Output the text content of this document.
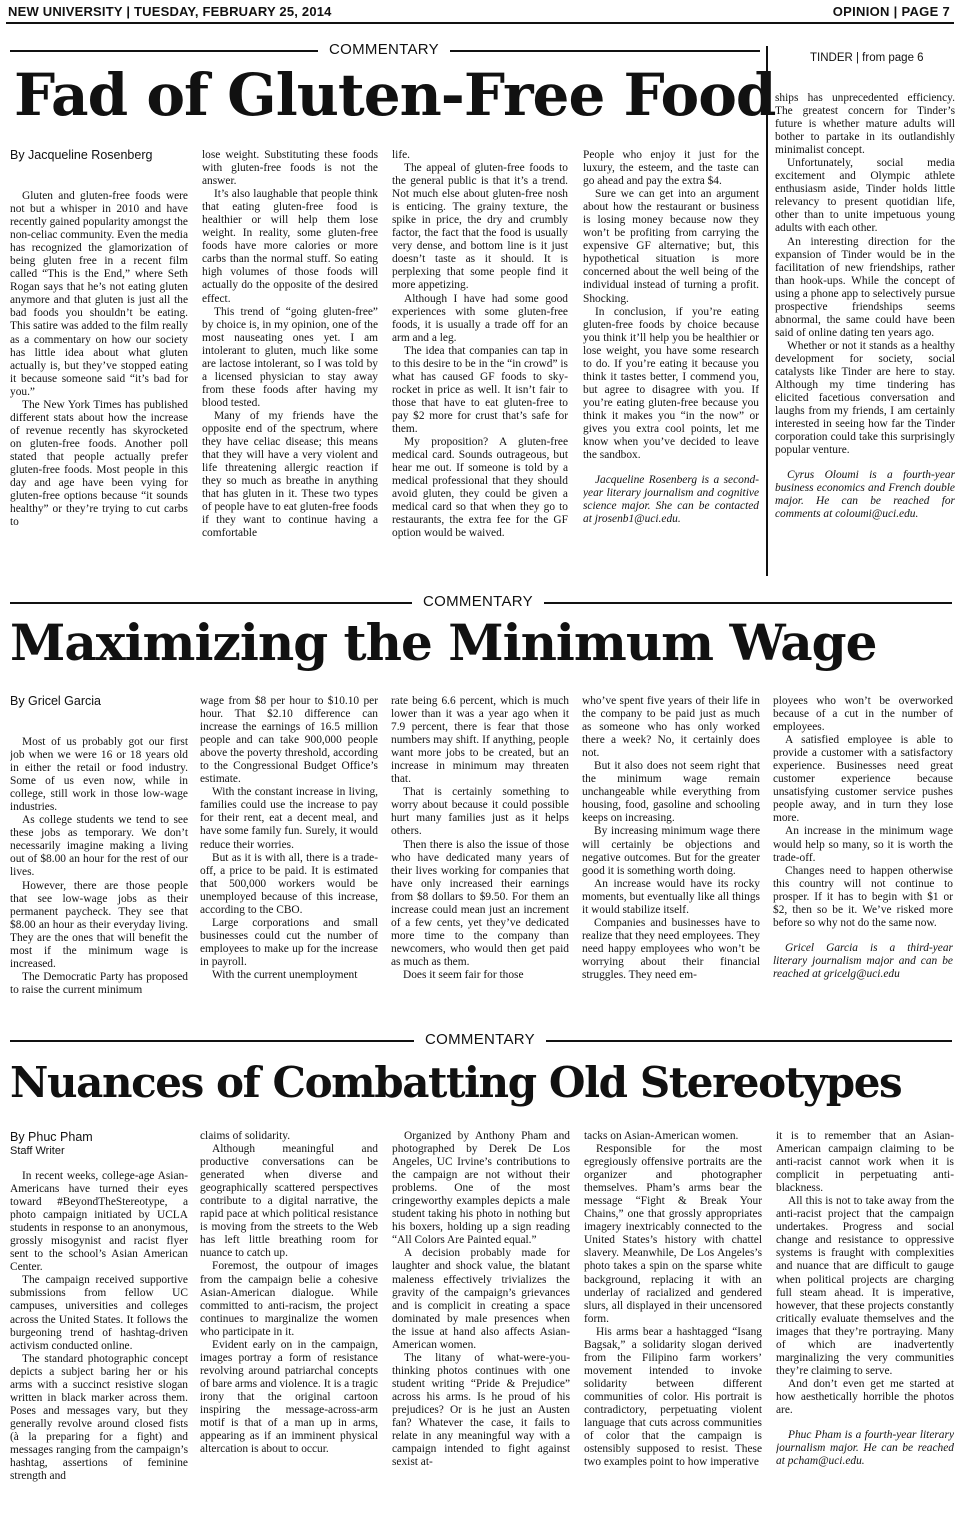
NEW UNIVERSITY | TUESDAY, FEBRUARY 25, 2014	OPINION | PAGE 7
COMMENTARY
Fad of Gluten-Free Food
By Jacqueline Rosenberg

Gluten and gluten-free foods were not but a whisper in 2010 and have recently gained popularity amongst the non-celiac community. Even the media has recognized the glamorization of being gluten free in a recent film called “This is the End,” where Seth Rogan says that he’s not eating gluten anymore and that gluten is just all the bad foods you shouldn’t be eating. This satire was added to the film really as a commentary on how our society has little idea about what gluten actually is, but they’ve stopped eating it because someone said “it’s bad for you.”

The New York Times has published different stats about how the increase of revenue recently has skyrocketed on gluten-free foods. Another poll stated that people actually prefer gluten-free foods. Most people in this day and age have been vying for gluten-free options because “it sounds healthy” or they’re trying to cut carbs to

lose weight. Substituting these foods with gluten-free foods is not the answer.

It’s also laughable that people think that eating gluten-free food is healthier or will help them lose weight. In reality, some gluten-free foods have more calories or more carbs than the normal stuff. So eating high volumes of those foods will actually do the opposite of the desired effect.

This trend of “going gluten-free” by choice is, in my opinion, one of the most nauseating ones yet. I am intolerant to gluten, much like some are lactose intolerant, so I was told by a licensed physician to stay away from these foods after having my blood tested.

Many of my friends have the opposite end of the spectrum, where they have celiac disease; this means that they will have a very violent and life threatening allergic reaction if they so much as breathe in anything that has gluten in it. These two types of people have to eat gluten-free foods if they want to continue having a comfortable

life.

The appeal of gluten-free foods to the general public is that it’s a trend. Not much else about gluten-free nosh is enticing. The grainy texture, the spike in price, the dry and crumbly factor, the fact that the food is usually very dense, and bottom line is it just doesn’t taste as it should. It is perplexing that some people find it more appetizing.

Although I have had some good experiences with some gluten-free foods, it is usually a trade off for an arm and a leg.

The idea that companies can tap in to this desire to be in the “in crowd” is what has caused GF foods to sky-rocket in price as well. It isn’t fair to those that have to eat gluten-free to pay $2 more for crust that’s safe for them.

My proposition? A gluten-free medical card. Sounds outrageous, but hear me out. If someone is told by a medical professional that they should avoid gluten, they could be given a medical card so that when they go to restaurants, the extra fee for the GF option would be waived.

People who enjoy it just for the luxury, the esteem, and the taste can go ahead and pay the extra $4.

Sure we can get into an argument about how the restaurant or business is losing money because now they won’t be profiting from carrying the expensive GF alternative; but, this hypothetical situation is more concerned about the well being of the individual instead of turning a profit. Shocking.

In conclusion, if you’re eating gluten-free foods by choice because you think it’ll help you be healthier or lose weight, you have some research to do. If you’re eating it because you think it tastes better, I commend you, but agree to disagree with you. If you’re eating gluten-free because you think it makes you “in the now” or gives you extra cool points, let me know when you’ve decided to leave the sandbox.

Jacqueline Rosenberg is a second-year literary journalism and cognitive science major. She can be contacted at jrosenb1@uci.edu.

TINDER | from page 6

ships has unprecedented efficiency. The greatest concern for Tinder’s future is whether mature adults will bother to partake in its outlandishly minimalist concept.

Unfortunately, social media excitement and Olympic athlete enthusiasm aside, Tinder holds little relevancy to present quotidian life, other than to unite impetuous young adults with each other.

An interesting direction for the expansion of Tinder would be in the facilitation of new friendships, rather than hook-ups. While the concept of using a phone app to selectively pursue prospective friendships seems abnormal, the same could have been said of online dating ten years ago.

Whether or not it stands as a healthy development for society, social catalysts like Tinder are here to stay. Although my time tindering has elicited facetious conversation and laughs from my friends, I am certainly interested in seeing how far the Tinder corporation could take this surprisingly popular venture.

Cyrus Oloumi is a fourth-year business economics and French double major. He can be reached for comments at coloumi@uci.edu.

COMMENTARY
Maximizing the Minimum Wage
By Gricel Garcia

Most of us probably got our first job when we were 16 or 18 years old in either the retail or food industry. Some of us even now, while in college, still work in those low-wage industries.

As college students we tend to see these jobs as temporary. We don’t necessarily imagine making a living out of $8.00 an hour for the rest of our lives.

However, there are those people that see low-wage jobs as their permanent paycheck. They see that $8.00 an hour as their everyday living. They are the ones that will benefit the most if the minimum wage is increased.

The Democratic Party has proposed to raise the current minimum

wage from $8 per hour to $10.10 per hour. That $2.10 difference can increase the earnings of 16.5 million people and can take 900,000 people above the poverty threshold, according to the Congressional Budget Office’s estimate.

With the constant increase in living, families could use the increase to pay for their rent, eat a decent meal, and have some family fun. Surely, it would reduce their worries.

But as it is with all, there is a trade-off, a price to be paid. It is estimated that 500,000 workers would be unemployed because of this increase, according to the CBO.

Large corporations and small businesses could cut the number of employees to make up for the increase in payroll.

With the current unemployment

rate being 6.6 percent, which is much lower than it was a year ago when it 7.9 percent, there is fear that those numbers may shift. If anything, people want more jobs to be created, but an increase in minimum may threaten that.

That is certainly something to worry about because it could possible hurt many families just as it helps others.

Then there is also the issue of those who have dedicated many years of their lives working for companies that have only increased their earnings from $8 dollars to $9.50. For them an increase could mean just an increment of a few cents, yet they’ve dedicated more time to the company than newcomers, who would then get paid as much as them.

Does it seem fair for those

who’ve spent five years of their life in the company to be paid just as much as someone who has only worked there a week? No, it certainly does not.

But it also does not seem right that the minimum wage remain unchangeable while everything from housing, food, gasoline and schooling keeps on increasing.

By increasing minimum wage there will certainly be objections and negative outcomes. But for the greater good it is something worth doing.

An increase would have its rocky moments, but eventually like all things it would stabilize itself.

Companies and businesses have to realize that they need employees. They need happy employees who won’t be worrying about their financial struggles. They need em-

ployees who won’t be overworked because of a cut in the number of employees.

A satisfied employee is able to provide a customer with a satisfactory experience. Businesses need great customer experience because unsatisfying customer service pushes people away, and in turn they lose more.

An increase in the minimum wage would help so many, so it is worth the trade-off.

Changes need to happen otherwise this country will not continue to prosper. If it has to begin with $1 or $2, then so be it. We’ve risked more before so why not do the same now.

Gricel Garcia is a third-year literary journalism major and can be reached at gricelg@uci.edu

COMMENTARY
Nuances of Combatting Old Stereotypes
By Phuc Pham
Staff Writer

In recent weeks, college-age Asian-Americans have turned their eyes toward #BeyondTheStereotype, a photo campaign initiated by UCLA students in response to an anonymous, grossly misogynist and racist flyer sent to the school’s Asian American Center.

The campaign received supportive submissions from fellow UC campuses, universities and colleges across the United States. It follows the burgeoning trend of hashtag-driven activism conducted online.

The standard photographic concept depicts a subject baring her or his arms with a succinct resistive slogan written in black marker across them. Poses and messages vary, but they generally revolve around closed fists (à la preparing for a fight) and messages ranging from the campaign’s hashtag, assertions of feminine strength and

claims of solidarity.

Although meaningful and productive conversations can be generated when diverse and geographically scattered perspectives contribute to a digital narrative, the rapid pace at which political resistance is moving from the streets to the Web has left little breathing room for nuance to catch up.

Foremost, the outpour of images from the campaign belie a cohesive Asian-American dialogue. While committed to anti-racism, the project continues to marginalize the women who participate in it.

Evident early on in the campaign, images portray a form of resistance revolving around patriarchal concepts of bare arms and violence. It is a tragic irony that the original cartoon inspiring the message-across-arm motif is that of a man up in arms, appearing as if an imminent physical altercation is about to occur.

Organized by Anthony Pham and photographed by Derek De Los Angeles, UC Irvine’s contributions to the campaign are not without their problems. One of the most cringeworthy examples depicts a male student taking his photo in nothing but his boxers, holding up a sign reading “All Colors Are Painted equal.”

A decision probably made for laughter and shock value, the blatant maleness effectively trivializes the gravity of the campaign’s grievances and is complicit in creating a space dominated by male presences when the issue at hand also affects Asian-American women.

The litany of what-were-you-thinking photos continues with one student writing “Pride & Prejudice” across his arms. Is he proud of his prejudices? Or is he just an Austen fan? Whatever the case, it fails to relate in any meaningful way with a campaign intended to fight against sexist at-

tacks on Asian-American women.

Responsible for the most egregiously offensive portraits are the organizer and photographer themselves. Pham’s arms bear the message “Fight & Break Your Chains,” one that grossly appropriates imagery inextricably connected to the United States’s history with chattel slavery. Meanwhile, De Los Angeles’s photo takes a spin on the sparse white background, replacing it with an underlay of racialized and gendered slurs, all displayed in their uncensored form.

His arms bear a hashtagged “Isang Bagsak,” a solidarity slogan derived from the Filipino farm workers’ movement intended to invoke solidarity between different communities of color. His portrait is contradictory, perpetuating violent language that cuts across communities of color that the campaign is ostensibly supposed to resist. These two examples point to how imperative

it is to remember that an Asian-American campaign claiming to be anti-racist cannot work when it is complicit in perpetuating anti-blackness.

All this is not to take away from the anti-racist project that the campaign undertakes. Progress and social change and resistance to oppressive systems is fraught with complexities and nuance that are difficult to gauge when political projects are charging full steam ahead. It is imperative, however, that these projects constantly critically evaluate themselves and the images that they’re portraying. Many of which are inadvertently marginalizing the very communities they’re claiming to serve.

And don’t even get me started at how aesthetically horrible the photos are.

Phuc Pham is a fourth-year literary journalism major. He can be reached at pcham@uci.edu.
